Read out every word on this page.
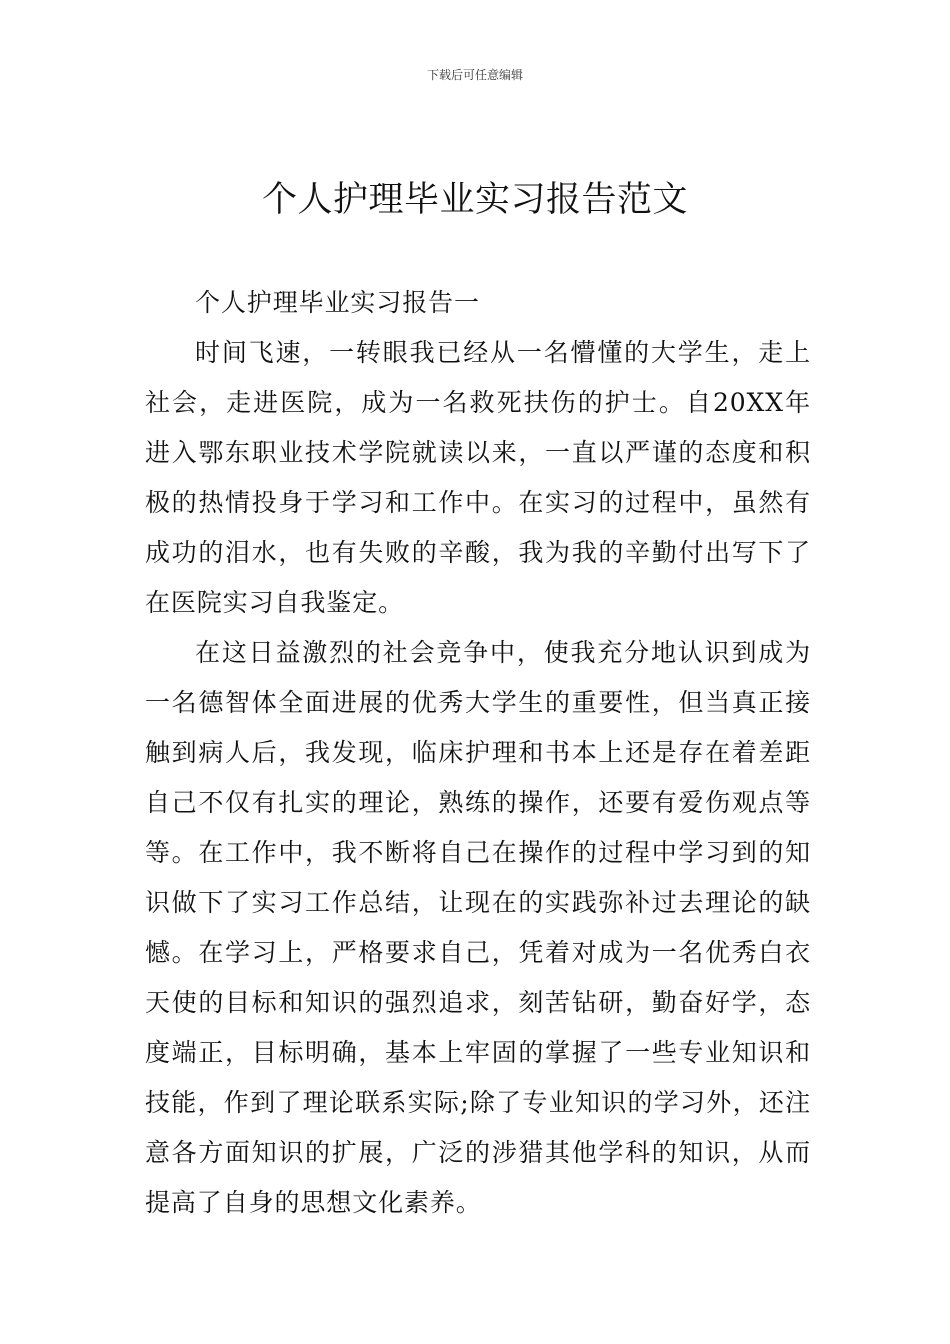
下载后可任意编辑
个人护理毕业实习报告范文

个人护理毕业实习报告一

时间飞速，一转眼我已经从一名懵懂的大学生，走上社会，走进医院，成为一名救死扶伤的护士。自20XX年进入鄂东职业技术学院就读以来，一直以严谨的态度和积极的热情投身于学习和工作中。在实习的过程中，虽然有成功的泪水，也有失败的辛酸，我为我的辛勤付出写下了在医院实习自我鉴定。

在这日益激烈的社会竞争中，使我充分地认识到成为一名德智体全面进展的优秀大学生的重要性，但当真正接触到病人后，我发现，临床护理和书本上还是存在着差距自己不仅有扎实的理论，熟练的操作，还要有爱伤观点等等。在工作中，我不断将自己在操作的过程中学习到的知识做下了实习工作总结，让现在的实践弥补过去理论的缺憾。在学习上，严格要求自己，凭着对成为一名优秀白衣天使的目标和知识的强烈追求，刻苦钻研，勤奋好学，态度端正，目标明确，基本上牢固的掌握了一些专业知识和技能，作到了理论联系实际;除了专业知识的学习外，还注意各方面知识的扩展，广泛的涉猎其他学科的知识，从而提高了自身的思想文化素养。
